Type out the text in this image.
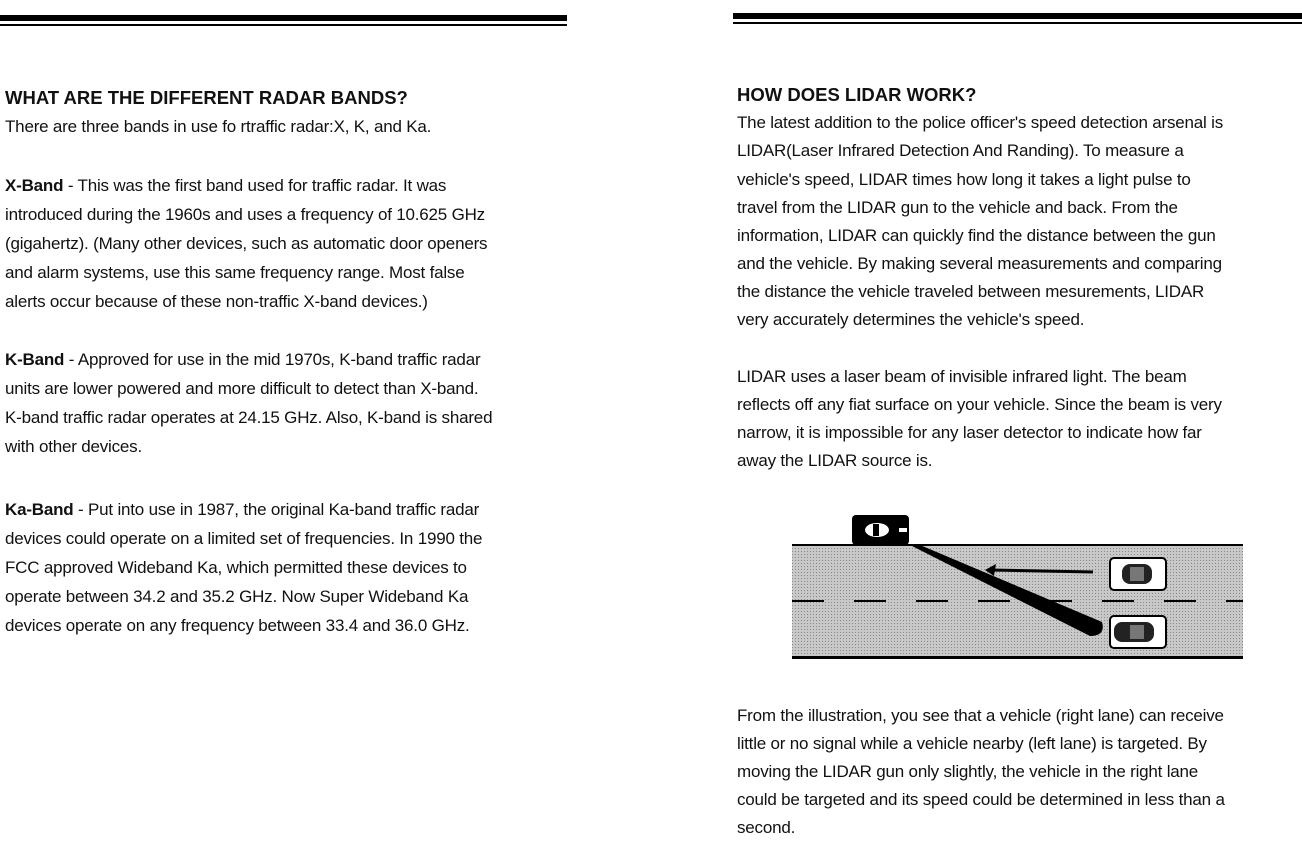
WHAT ARE THE DIFFERENT RADAR BANDS?
There are three bands in use fo rtraffic radar:X, K, and Ka.
X-Band - This was the first band used for traffic radar. It was
introduced during the 1960s and uses a frequency of 10.625 GHz
(gigahertz). (Many other devices, such as automatic door openers
and alarm systems, use this same frequency range. Most false
alerts occur because of these non-traffic X-band devices.)
K-Band - Approved for use in the mid 1970s, K-band traffic radar
units are lower powered and more difficult to detect than X-band.
K-band traffic radar operates at 24.15 GHz. Also, K-band is shared
with other devices.
Ka-Band - Put into use in 1987, the original Ka-band traffic radar
devices could operate on a limited set of frequencies. In 1990 the
FCC approved Wideband Ka, which permitted these devices to
operate between 34.2 and 35.2 GHz. Now Super Wideband Ka
devices operate on any frequency between 33.4 and 36.0 GHz.
HOW DOES LIDAR WORK?
The latest addition to the police officer's speed detection arsenal is
LIDAR(Laser Infrared Detection And Randing). To measure a
vehicle's speed, LIDAR times how long it takes a light pulse to
travel from the LIDAR gun to the vehicle and back. From the
information, LIDAR can quickly find the distance between the gun
and the vehicle. By making several measurements and comparing
the distance the vehicle traveled between mesurements, LIDAR
very accurately determines the vehicle's speed.
LIDAR uses a laser beam of invisible infrared light. The beam
reflects off any fiat surface on your vehicle. Since the beam is very
narrow, it is impossible for any laser detector to indicate how far
away the LIDAR source is.
From the illustration, you see that a vehicle (right lane) can receive
little or no signal while a vehicle nearby (left lane) is targeted. By
moving the LIDAR gun only slightly, the vehicle in the right lane
could be targeted and its speed could be determined in less than a
second.
